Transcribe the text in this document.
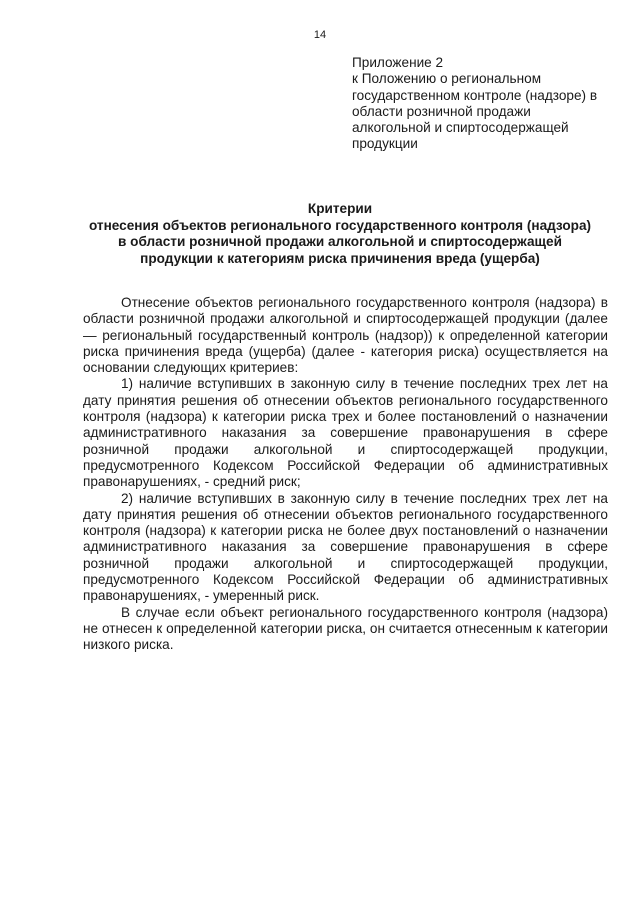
14
Приложение 2
к Положению о региональном
государственном контроле (надзоре) в
области розничной продажи
алкогольной и спиртосодержащей
продукции
Критерии
отнесения объектов регионального государственного контроля (надзора)
в области розничной продажи алкогольной и спиртосодержащей
продукции к категориям риска причинения вреда (ущерба)

Отнесение объектов регионального государственного контроля (надзора) в области розничной продажи алкогольной и спиртосодержащей продукции (далее — региональный государственный контроль (надзор)) к определенной категории риска причинения вреда (ущерба) (далее - категория риска) осуществляется на основании следующих критериев:

1) наличие вступивших в законную силу в течение последних трех лет на дату принятия решения об отнесении объектов регионального государственного контроля (надзора) к категории риска трех и более постановлений о назначении административного наказания за совершение правонарушения в сфере розничной продажи алкогольной и спиртосодержащей продукции, предусмотренного Кодексом Российской Федерации об административных правонарушениях, - средний риск;

2) наличие вступивших в законную силу в течение последних трех лет на дату принятия решения об отнесении объектов регионального государственного контроля (надзора) к категории риска не более двух постановлений о назначении административного наказания за совершение правонарушения в сфере розничной продажи алкогольной и спиртосодержащей продукции, предусмотренного Кодексом Российской Федерации об административных правонарушениях, - умеренный риск.

В случае если объект регионального государственного контроля (надзора) не отнесен к определенной категории риска, он считается отнесенным к категории низкого риска.
